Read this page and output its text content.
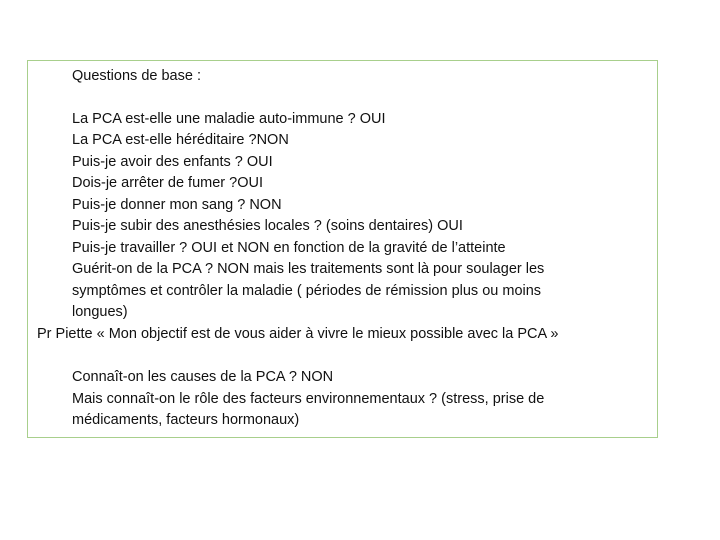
Questions de base :
La PCA est-elle une maladie auto-immune ? OUI
La PCA est-elle héréditaire ?NON
Puis-je avoir des enfants ? OUI
Dois-je arrêter de fumer ?OUI
Puis-je donner mon sang ? NON
Puis-je subir des anesthésies locales ? (soins dentaires) OUI
Puis-je travailler ? OUI et NON en fonction de la gravité de l’atteinte
Guérit-on de la PCA ? NON mais les traitements sont là pour soulager les
symptômes et contrôler la maladie ( périodes de rémission plus ou moins
longues)
Pr Piette « Mon objectif est de vous aider à vivre le mieux possible avec la PCA »
Connaît-on les causes de la PCA ? NON
Mais connaît-on le rôle des facteurs environnementaux ? (stress, prise de
médicaments, facteurs hormonaux)
